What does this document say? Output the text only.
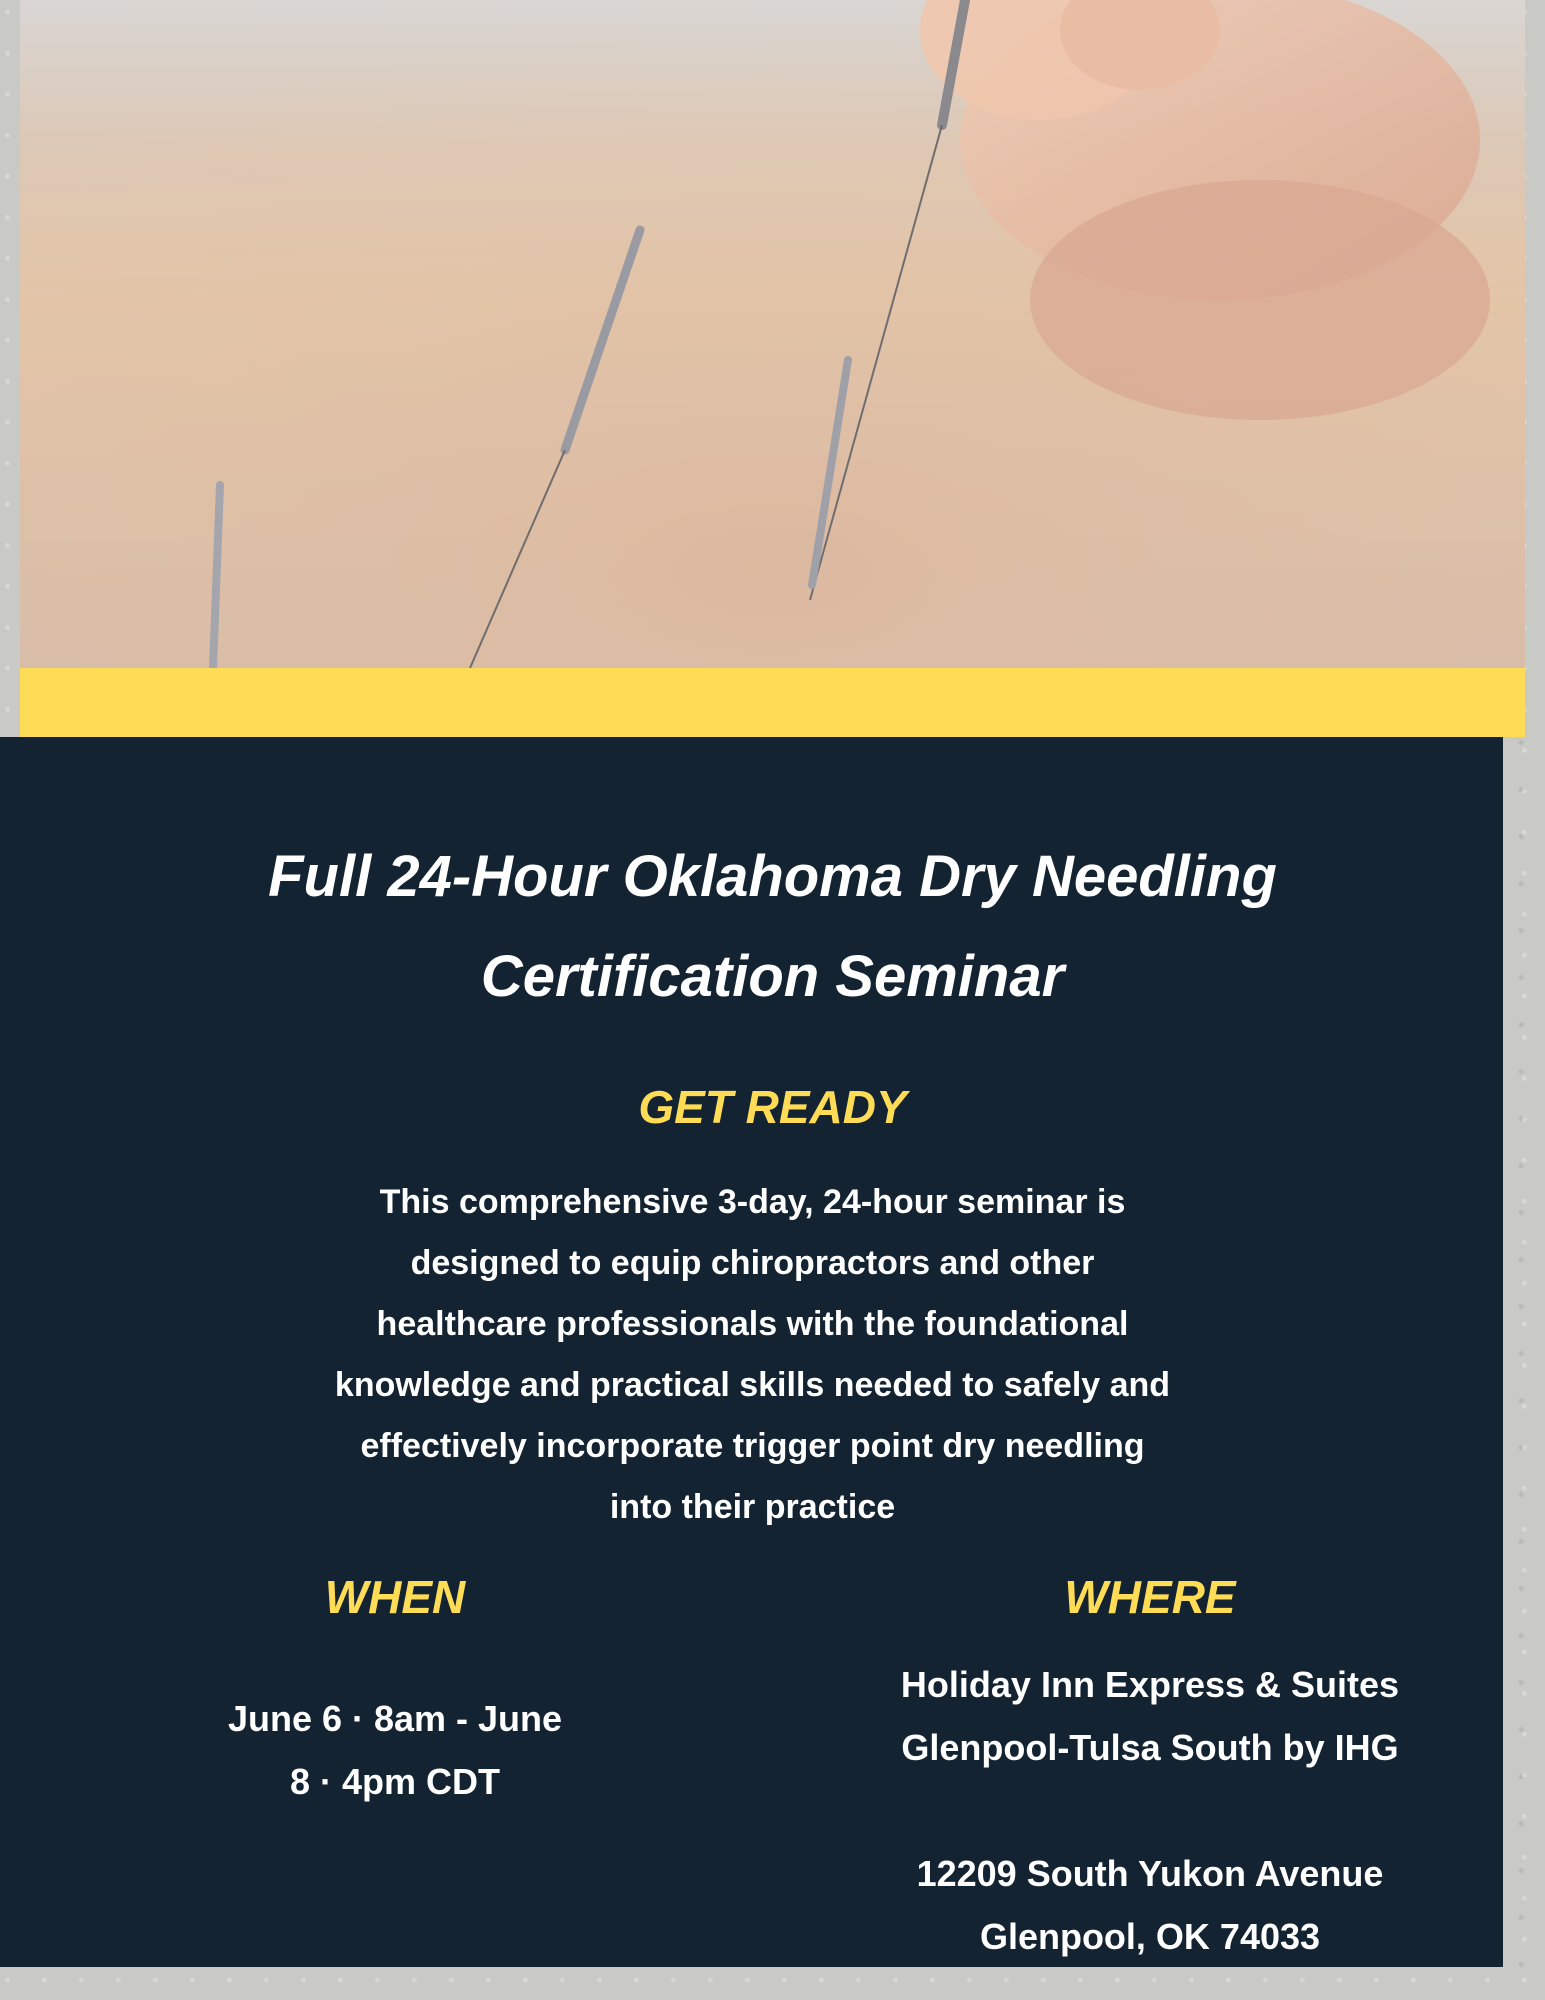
Full 24-Hour Oklahoma Dry Needling
Certification Seminar
GET READY

This comprehensive 3-day, 24-hour seminar is
designed to equip chiropractors and other
healthcare professionals with the foundational
knowledge and practical skills needed to safely and
effectively incorporate trigger point dry needling
into their practice

WHEN

June 6 · 8am - June
8 · 4pm CDT

WHERE

Holiday Inn Express & Suites
Glenpool-Tulsa South by IHG
12209 South Yukon Avenue
Glenpool, OK 74033
